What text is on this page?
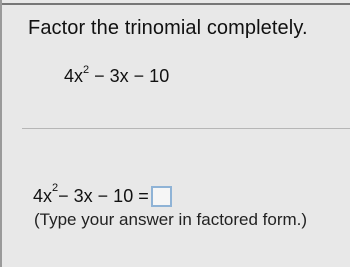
Factor the trinomial completely.
$4x^2 - 3x - 10$
4x 2 − 3x − 10 =
(Type your answer in factored form.)
